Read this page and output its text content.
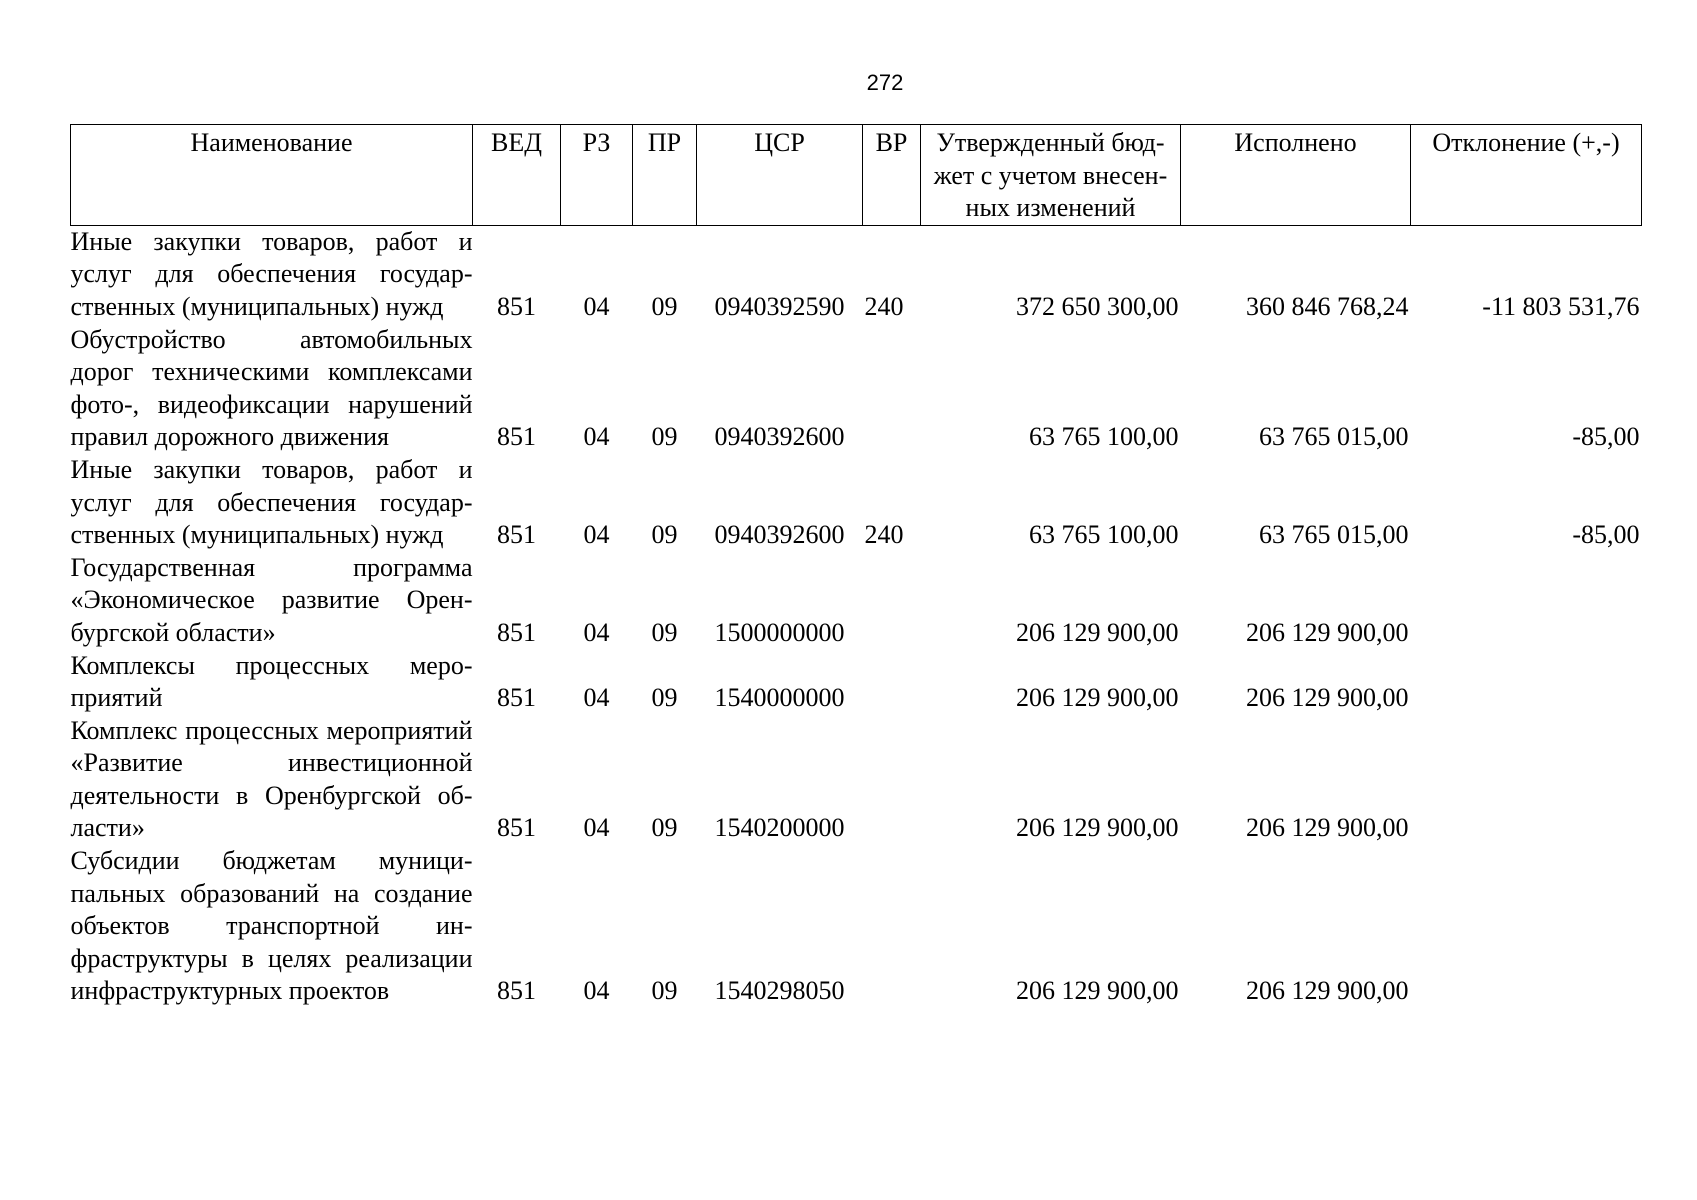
272
Наименование	ВЕД	РЗ	ПР	ЦСР	ВР	Утвержденный бюд-жет с учетом внесен-ных изменений	Исполнено	Отклонение (+,-)
Иные закупки товаров, работ и услуг для обеспечения государственных (муниципальных) нужд	851	04	09	0940392590	240	372 650 300,00	360 846 768,24	-11 803 531,76
Обустройство автомобильных дорог техническими комплексами фото-, видеофиксации нарушений правил дорожного движения	851	04	09	0940392600		63 765 100,00	63 765 015,00	-85,00
Иные закупки товаров, работ и услуг для обеспечения государственных (муниципальных) нужд	851	04	09	0940392600	240	63 765 100,00	63 765 015,00	-85,00
Государственная программа «Экономическое развитие Оренбургской области»	851	04	09	1500000000		206 129 900,00	206 129 900,00	
Комплексы процессных мероприятий	851	04	09	1540000000		206 129 900,00	206 129 900,00	
Комплекс процессных мероприятий «Развитие инвестиционной деятельности в Оренбургской области»	851	04	09	1540200000		206 129 900,00	206 129 900,00	
Субсидии бюджетам муниципальных образований на создание объектов транспортной инфраструктуры в целях реализации инфраструктурных проектов	851	04	09	1540298050		206 129 900,00	206 129 900,00	
